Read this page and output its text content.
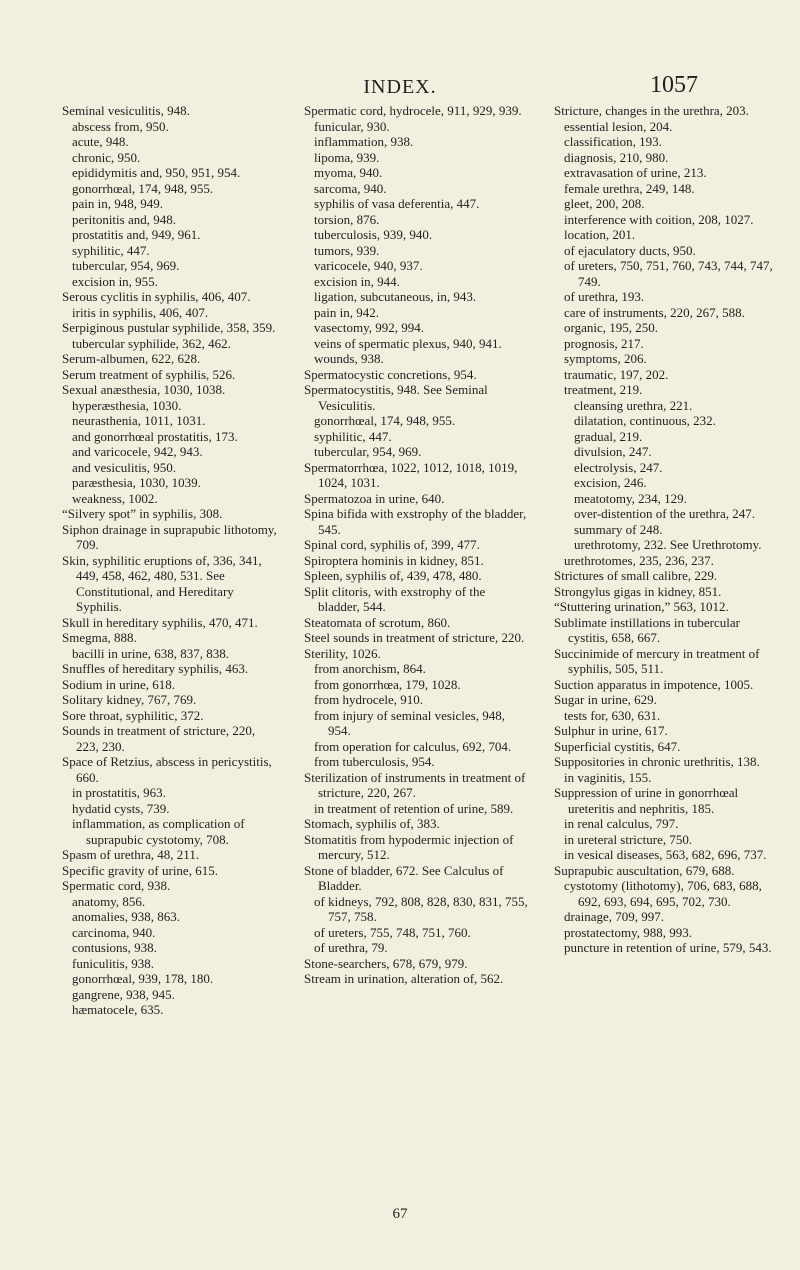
INDEX.	1057

Seminal vesiculitis, 948.

abscess from, 950.

acute, 948.

chronic, 950.

epididymitis and, 950, 951, 954.

gonorrhœal, 174, 948, 955.

pain in, 948, 949.

peritonitis and, 948.

prostatitis and, 949, 961.

syphilitic, 447.

tubercular, 954, 969.

excision in, 955.

Serous cyclitis in syphilis, 406, 407.

iritis in syphilis, 406, 407.

Serpiginous pustular syphilide, 358, 359.

tubercular syphilide, 362, 462.

Serum-albumen, 622, 628.

Serum treatment of syphilis, 526.

Sexual anæsthesia, 1030, 1038.

hyperæsthesia, 1030.

neurasthenia, 1011, 1031.

and gonorrhœal prostatitis, 173.

and varicocele, 942, 943.

and vesiculitis, 950.

paræsthesia, 1030, 1039.

weakness, 1002.

“Silvery spot” in syphilis, 308.

Siphon drainage in suprapubic lithotomy, 709.

Skin, syphilitic eruptions of, 336, 341, 449, 458, 462, 480, 531. See Constitutional, and Hereditary Syphilis.

Skull in hereditary syphilis, 470, 471.

Smegma, 888.

bacilli in urine, 638, 837, 838.

Snuffles of hereditary syphilis, 463.

Sodium in urine, 618.

Solitary kidney, 767, 769.

Sore throat, syphilitic, 372.

Sounds in treatment of stricture, 220, 223, 230.

Space of Retzius, abscess in pericystitis, 660.

in prostatitis, 963.

hydatid cysts, 739.

inflammation, as complication of suprapubic cystotomy, 708.

Spasm of urethra, 48, 211.

Specific gravity of urine, 615.

Spermatic cord, 938.

anatomy, 856.

anomalies, 938, 863.

carcinoma, 940.

contusions, 938.

funiculitis, 938.

gonorrhœal, 939, 178, 180.

gangrene, 938, 945.

hæmatocele, 635.

Spermatic cord, hydrocele, 911, 929, 939.

funicular, 930.

inflammation, 938.

lipoma, 939.

myoma, 940.

sarcoma, 940.

syphilis of vasa deferentia, 447.

torsion, 876.

tuberculosis, 939, 940.

tumors, 939.

varicocele, 940, 937.

excision in, 944.

ligation, subcutaneous, in, 943.

pain in, 942.

vasectomy, 992, 994.

veins of spermatic plexus, 940, 941.

wounds, 938.

Spermatocystic concretions, 954.

Spermatocystitis, 948. See Seminal Vesiculitis.

gonorrhœal, 174, 948, 955.

syphilitic, 447.

tubercular, 954, 969.

Spermatorrhœa, 1022, 1012, 1018, 1019, 1024, 1031.

Spermatozoa in urine, 640.

Spina bifida with exstrophy of the bladder, 545.

Spinal cord, syphilis of, 399, 477.

Spiroptera hominis in kidney, 851.

Spleen, syphilis of, 439, 478, 480.

Split clitoris, with exstrophy of the bladder, 544.

Steatomata of scrotum, 860.

Steel sounds in treatment of stricture, 220.

Sterility, 1026.

from anorchism, 864.

from gonorrhœa, 179, 1028.

from hydrocele, 910.

from injury of seminal vesicles, 948, 954.

from operation for calculus, 692, 704.

from tuberculosis, 954.

Sterilization of instruments in treatment of stricture, 220, 267.

in treatment of retention of urine, 589.

Stomach, syphilis of, 383.

Stomatitis from hypodermic injection of mercury, 512.

Stone of bladder, 672. See Calculus of Bladder.

of kidneys, 792, 808, 828, 830, 831, 755, 757, 758.

of ureters, 755, 748, 751, 760.

of urethra, 79.

Stone-searchers, 678, 679, 979.

Stream in urination, alteration of, 562.

Stricture, changes in the urethra, 203.

essential lesion, 204.

classification, 193.

diagnosis, 210, 980.

extravasation of urine, 213.

female urethra, 249, 148.

gleet, 200, 208.

interference with coition, 208, 1027.

location, 201.

of ejaculatory ducts, 950.

of ureters, 750, 751, 760, 743, 744, 747, 749.

of urethra, 193.

care of instruments, 220, 267, 588.

organic, 195, 250.

prognosis, 217.

symptoms, 206.

traumatic, 197, 202.

treatment, 219.

cleansing urethra, 221.

dilatation, continuous, 232.

gradual, 219.

divulsion, 247.

electrolysis, 247.

excision, 246.

meatotomy, 234, 129.

over-distention of the urethra, 247.

summary of 248.

urethrotomy, 232. See Urethrotomy.

urethrotomes, 235, 236, 237.

Strictures of small calibre, 229.

Strongylus gigas in kidney, 851.

“Stuttering urination,” 563, 1012.

Sublimate instillations in tubercular cystitis, 658, 667.

Succinimide of mercury in treatment of syphilis, 505, 511.

Suction apparatus in impotence, 1005.

Sugar in urine, 629.

tests for, 630, 631.

Sulphur in urine, 617.

Superficial cystitis, 647.

Suppositories in chronic urethritis, 138.

in vaginitis, 155.

Suppression of urine in gonorrhœal ureteritis and nephritis, 185.

in renal calculus, 797.

in ureteral stricture, 750.

in vesical diseases, 563, 682, 696, 737.

Suprapubic auscultation, 679, 688.

cystotomy (lithotomy), 706, 683, 688, 692, 693, 694, 695, 702, 730.

drainage, 709, 997.

prostatectomy, 988, 993.

puncture in retention of urine, 579, 543.

67
